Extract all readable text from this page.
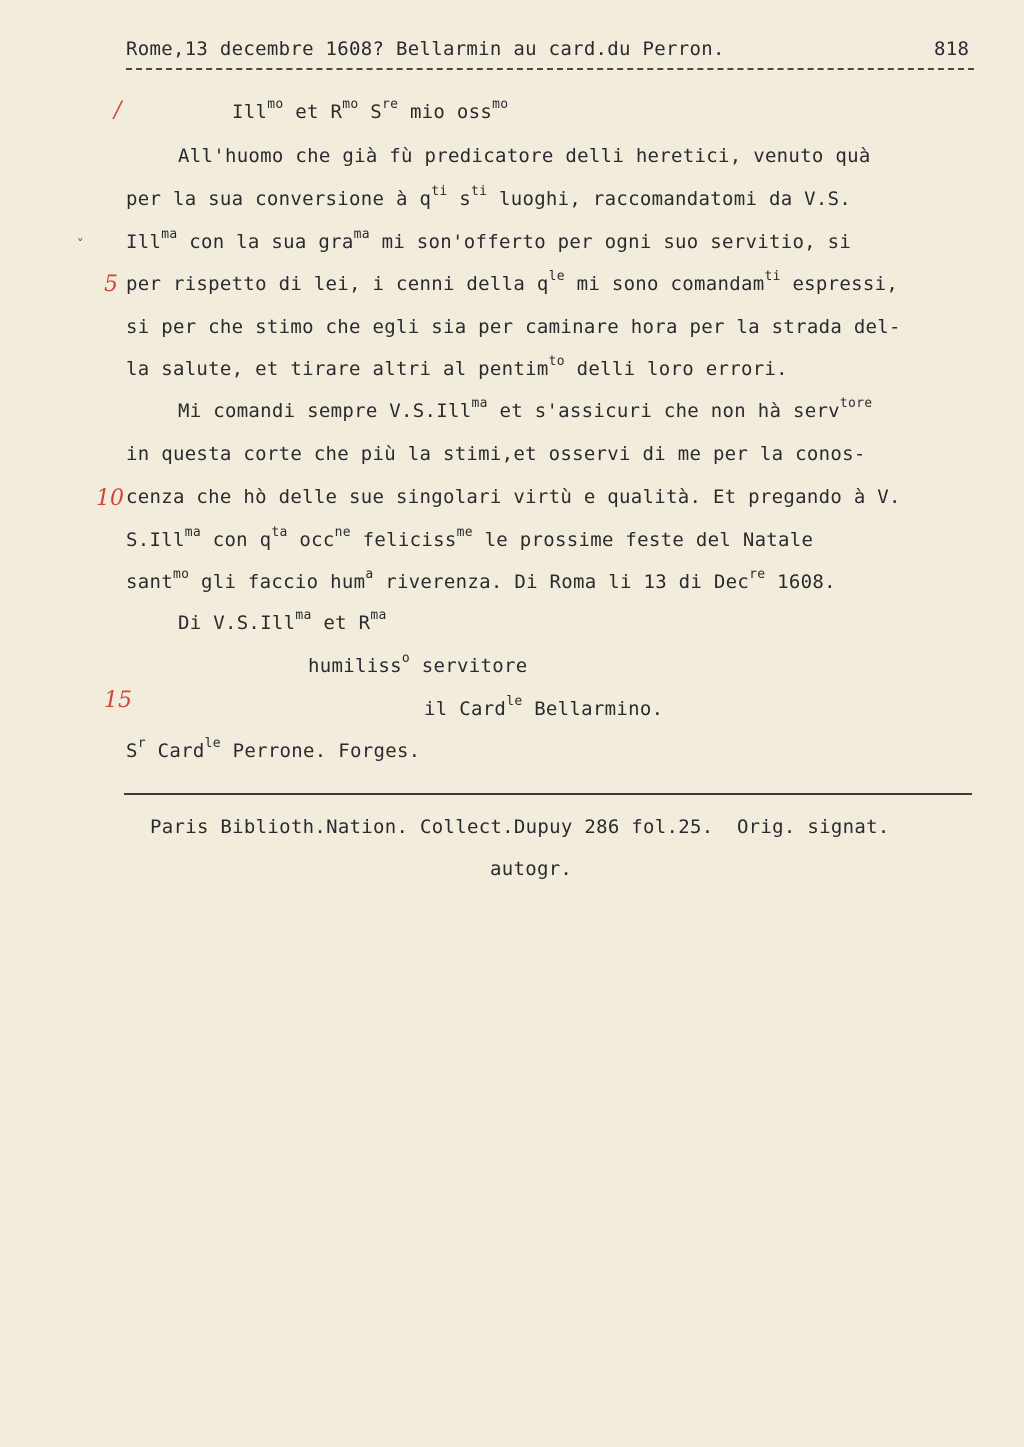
Rome,13 decembre 1608? Bellarmin au card.du Perron.	818
/
5
10
15
ˇ
Ill$^{mo}$ et $R^{mo}$ $S^{re}$ mio oss$^{mo}$
All'huomo che già fù predicatore delli heretici, venuto quà
per la sua conversione à $q^{ti}$ $s^{ti}$ luoghi, raccomandatomi da V.S.
Ill$^{ma}$ con la sua gra$^{ma}$ mi son'offerto per ogni suo servitio, si
per rispetto di lei, i cenni della $q^{le}$ mi sono comandam$^{ti}$ espressi,
si per che stimo che egli sia per caminare hora per la strada del-
la salute, et tirare altri al pentim$^{to}$ delli loro errori.
Mi comandi sempre V.S.Ill$^{ma}$ et s'assicuri che non hà serv$^{tore}$
in questa corte che più la stimi,et osservi di me per la conos-
cenza che hò delle sue singolari virtù e qualità. Et pregando à V.
S.Ill$^{ma}$ con $q^{ta}$ occ$^{ne}$ feliciss$^{me}$ le prossime feste del Natale
sant$^{mo}$ gli faccio hum$^a$ riverenza. Di Roma li 13 di Dec$^{re}$ 1608.
Di V.S.Ill$^{ma}$ et $R^{ma}$
humiliss$^o$ servitore
il Card$^{le}$ Bellarmino.
$S^r$ Card$^{le}$ Perrone. Forges.
Paris Biblioth.Nation. Collect.Dupuy 286 fol.25.  Orig. signat.
autogr.
